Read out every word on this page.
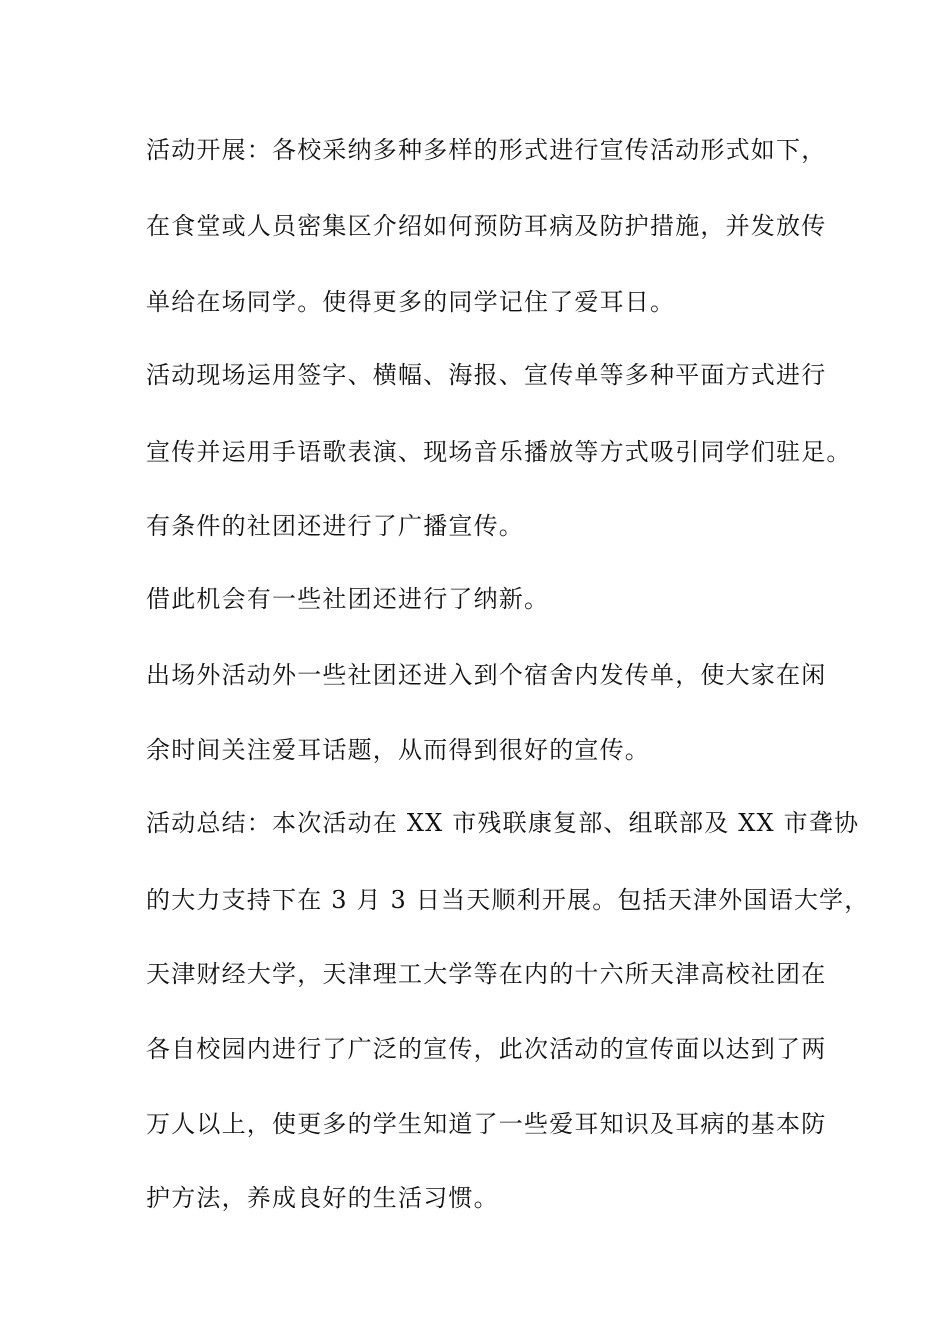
活动开展：各校采纳多种多样的形式进行宣传活动形式如下，
在食堂或人员密集区介绍如何预防耳病及防护措施，并发放传
单给在场同学。使得更多的同学记住了爱耳日。
活动现场运用签字、横幅、海报、宣传单等多种平面方式进行
宣传并运用手语歌表演、现场音乐播放等方式吸引同学们驻足。
有条件的社团还进行了广播宣传。
借此机会有一些社团还进行了纳新。
出场外活动外一些社团还进入到个宿舍内发传单，使大家在闲
余时间关注爱耳话题，从而得到很好的宣传。
活动总结：本次活动在 XX 市残联康复部、组联部及 XX 市聋协
的大力支持下在 3 月 3 日当天顺利开展。包括天津外国语大学，
天津财经大学，天津理工大学等在内的十六所天津高校社团在
各自校园内进行了广泛的宣传，此次活动的宣传面以达到了两
万人以上，使更多的学生知道了一些爱耳知识及耳病的基本防
护方法，养成良好的生活习惯。
